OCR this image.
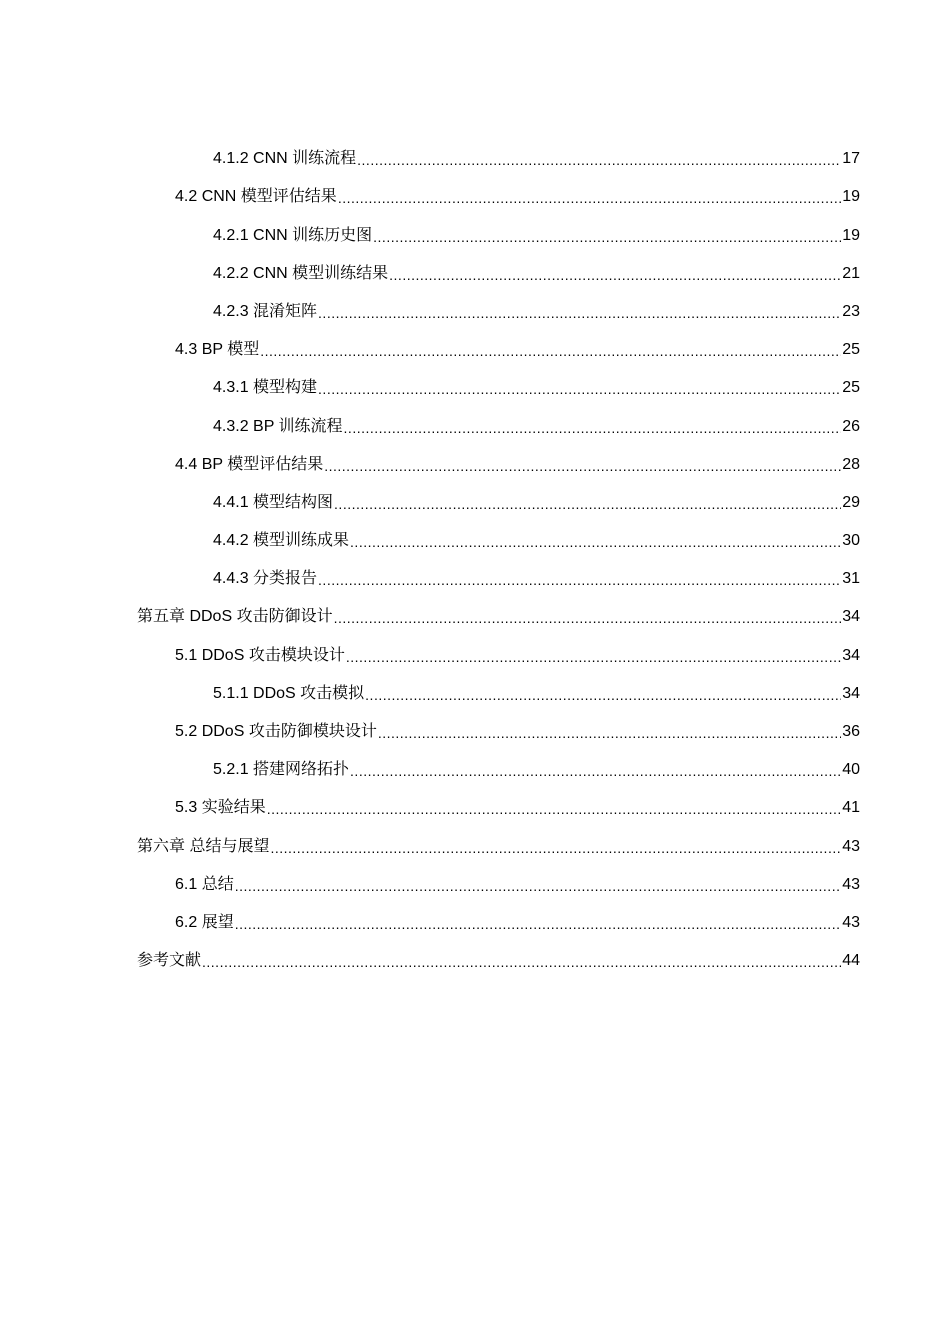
4.1.2 CNN 训练流程 .....	17
4.2 CNN 模型评估结果 .....	19
4.2.1 CNN 训练历史图 .....	19
4.2.2 CNN 模型训练结果 .....	21
4.2.3 混淆矩阵 .....	23
4.3 BP 模型 .....	25
4.3.1 模型构建 .....	25
4.3.2 BP 训练流程 .....	26
4.4 BP 模型评估结果 .....	28
4.4.1 模型结构图 .....	29
4.4.2 模型训练成果 .....	30
4.4.3 分类报告 .....	31
第五章 DDoS 攻击防御设计 .....	34
5.1 DDoS 攻击模块设计 .....	34
5.1.1 DDoS 攻击模拟 .....	34
5.2 DDoS 攻击防御模块设计 .....	36
5.2.1 搭建网络拓扑 .....	40
5.3 实验结果 .....	41
第六章 总结与展望 .....	43
6.1 总结 .....	43
6.2 展望 .....	43
参考文献 .....	44
